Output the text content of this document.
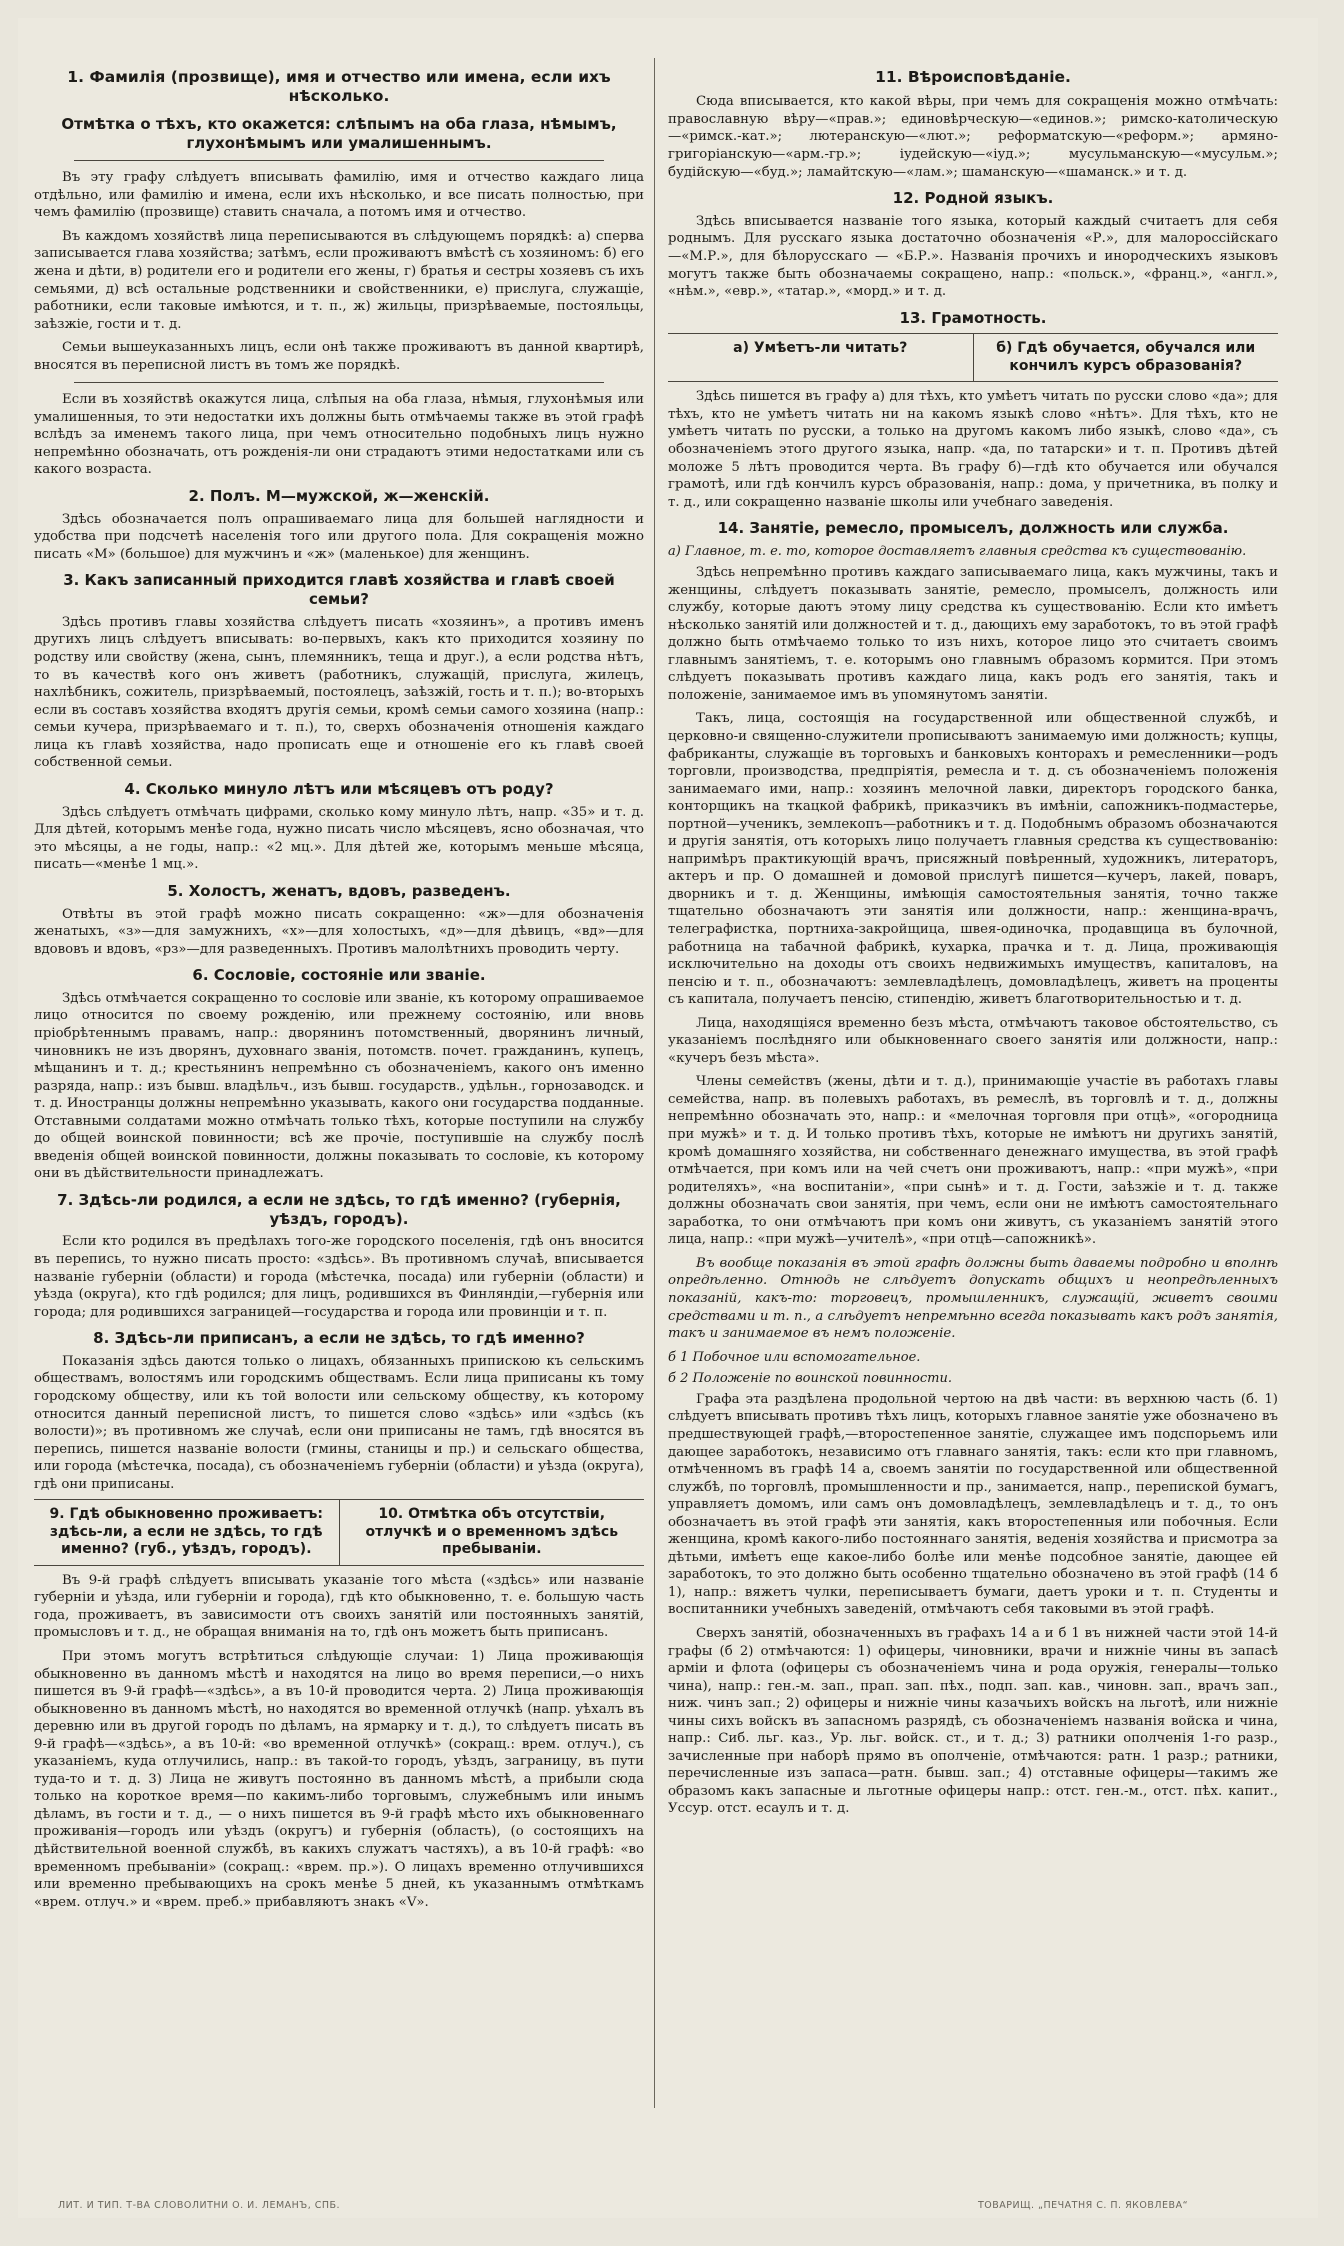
1. Фамилія (прозвище), имя и отчество или имена, если ихъ нѣсколько.
Отмѣтка о тѣхъ, кто окажется: слѣпымъ на оба глаза, нѣмымъ, глухонѣмымъ или умалишеннымъ.

Въ эту графу слѣдуетъ вписывать фамилію, имя и отчество каждаго лица отдѣльно, или фамилію и имена, если ихъ нѣсколько, и все писать полностью, при чемъ фамилію (прозвище) ставить сначала, а потомъ имя и отчество.

Въ каждомъ хозяйствѣ лица переписываются въ слѣдующемъ порядкѣ: а) сперва записывается глава хозяйства; затѣмъ, если проживаютъ вмѣстѣ съ хозяиномъ: б) его жена и дѣти, в) родители его и родители его жены, г) братья и сестры хозяевъ съ ихъ семьями, д) всѣ остальные родственники и свойственники, е) прислуга, служащіе, работники, если таковые имѣются, и т. п., ж) жильцы, призрѣваемые, постояльцы, заѣзжіе, гости и т. д.

Семьи вышеуказанныхъ лицъ, если онѣ также проживаютъ въ данной квартирѣ, вносятся въ переписной листъ въ томъ же порядкѣ.

Если въ хозяйствѣ окажутся лица, слѣпыя на оба глаза, нѣмыя, глухонѣмыя или умалишенныя, то эти недостатки ихъ должны быть отмѣчаемы также въ этой графѣ вслѣдъ за именемъ такого лица, при чемъ относительно подобныхъ лицъ нужно непремѣнно обозначать, отъ рожденія-ли они страдаютъ этими недостатками или съ какого возраста.

2. Полъ. М—мужской, ж—женскій.

Здѣсь обозначается полъ опрашиваемаго лица для большей наглядности и удобства при подсчетѣ населенія того или другого пола. Для сокращенія можно писать «М» (большое) для мужчинъ и «ж» (маленькое) для женщинъ.

3. Какъ записанный приходится главѣ хозяйства и главѣ своей семьи?

Здѣсь противъ главы хозяйства слѣдуетъ писать «хозяинъ», а противъ именъ другихъ лицъ слѣдуетъ вписывать: во-первыхъ, какъ кто приходится хозяину по родству или свойству (жена, сынъ, племянникъ, теща и друг.), а если родства нѣтъ, то въ качествѣ кого онъ живетъ (работникъ, служащій, прислуга, жилецъ, нахлѣбникъ, сожитель, призрѣваемый, постоялецъ, заѣзжій, гость и т. п.); во-вторыхъ если въ составъ хозяйства входятъ другія семьи, кромѣ семьи самого хозяина (напр.: семьи кучера, призрѣваемаго и т. п.), то, сверхъ обозначенія отношенія каждаго лица къ главѣ хозяйства, надо прописать еще и отношеніе его къ главѣ своей собственной семьи.

4. Сколько минуло лѣтъ или мѣсяцевъ отъ роду?

Здѣсь слѣдуетъ отмѣчать цифрами, сколько кому минуло лѣтъ, напр. «35» и т. д. Для дѣтей, которымъ менѣе года, нужно писать число мѣсяцевъ, ясно обозначая, что это мѣсяцы, а не годы, напр.: «2 мц.». Для дѣтей же, которымъ меньше мѣсяца, писать—«менѣе 1 мц.».

5. Холостъ, женатъ, вдовъ, разведенъ.

Отвѣты въ этой графѣ можно писать сокращенно: «ж»—для обозначенія женатыхъ, «з»—для замужнихъ, «х»—для холостыхъ, «д»—для дѣвицъ, «вд»—для вдововъ и вдовъ, «рз»—для разведенныхъ. Противъ малолѣтнихъ проводить черту.

6. Сословіе, состояніе или званіе.

Здѣсь отмѣчается сокращенно то сословіе или званіе, къ которому опрашиваемое лицо относится по своему рожденію, или прежнему состоянію, или вновь пріобрѣтеннымъ правамъ, напр.: дворянинъ потомственный, дворянинъ личный, чиновникъ не изъ дворянъ, духовнаго званія, потомств. почет. гражданинъ, купецъ, мѣщанинъ и т. д.; крестьянинъ непремѣнно съ обозначеніемъ, какого онъ именно разряда, напр.: изъ бывш. владѣльч., изъ бывш. государств., удѣльн., горнозаводск. и т. д. Иностранцы должны непремѣнно указывать, какого они государства подданные. Отставными солдатами можно отмѣчать только тѣхъ, которые поступили на службу до общей воинской повинности; всѣ же прочіе, поступившіе на службу послѣ введенія общей воинской повинности, должны показывать то сословіе, къ которому они въ дѣйствительности принадлежатъ.

7. Здѣсь-ли родился, а если не здѣсь, то гдѣ именно? (губернія, уѣздъ, городъ).

Если кто родился въ предѣлахъ того-же городского поселенія, гдѣ онъ вносится въ перепись, то нужно писать просто: «здѣсь». Въ противномъ случаѣ, вписывается названіе губерніи (области) и города (мѣстечка, посада) или губерніи (области) и уѣзда (округа), кто гдѣ родился; для лицъ, родившихся въ Финляндіи,—губернія или города; для родившихся заграницей—государства и города или провинціи и т. п.

8. Здѣсь-ли приписанъ, а если не здѣсь, то гдѣ именно?

Показанія здѣсь даются только о лицахъ, обязанныхъ припискою къ сельскимъ обществамъ, волостямъ или городскимъ обществамъ. Если лица приписаны къ тому городскому обществу, или къ той волости или сельскому обществу, къ которому относится данный переписной листъ, то пишется слово «здѣсь» или «здѣсь (къ волости)»; въ противномъ же случаѣ, если они приписаны не тамъ, гдѣ вносятся въ перепись, пишется названіе волости (гмины, станицы и пр.) и сельскаго общества, или города (мѣстечка, посада), съ обозначеніемъ губерніи (области) и уѣзда (округа), гдѣ они приписаны.

9. Гдѣ обыкновенно проживаетъ: здѣсь-ли, а если не здѣсь, то гдѣ именно? (губ., уѣздъ, городъ).
10. Отмѣтка объ отсутствіи, отлучкѣ и о временномъ здѣсь пребываніи.

Въ 9-й графѣ слѣдуетъ вписывать указаніе того мѣста («здѣсь» или названіе губерніи и уѣзда, или губерніи и города), гдѣ кто обыкновенно, т. е. большую часть года, проживаетъ, въ зависимости отъ своихъ занятій или постоянныхъ занятій, промысловъ и т. д., не обращая вниманія на то, гдѣ онъ можетъ быть приписанъ.

При этомъ могутъ встрѣтиться слѣдующіе случаи: 1) Лица проживающія обыкновенно въ данномъ мѣстѣ и находятся на лицо во время переписи,—о нихъ пишется въ 9-й графѣ—«здѣсь», а въ 10-й проводится черта. 2) Лица проживающія обыкновенно въ данномъ мѣстѣ, но находятся во временной отлучкѣ (напр. уѣхалъ въ деревню или въ другой городъ по дѣламъ, на ярмарку и т. д.), то слѣдуетъ писать въ 9-й графѣ—«здѣсь», а въ 10-й: «во временной отлучкѣ» (сокращ.: врем. отлуч.), съ указаніемъ, куда отлучились, напр.: въ такой-то городъ, уѣздъ, заграницу, въ пути туда-то и т. д. 3) Лица не живутъ постоянно въ данномъ мѣстѣ, а прибыли сюда только на короткое время—по какимъ-либо торговымъ, служебнымъ или инымъ дѣламъ, въ гости и т. д., — о нихъ пишется въ 9-й графѣ мѣсто ихъ обыкновеннаго проживанія—городъ или уѣздъ (округъ) и губернія (область), (о состоящихъ на дѣйствительной военной службѣ, въ какихъ служатъ частяхъ), а въ 10-й графѣ: «во временномъ пребываніи» (сокращ.: «врем. пр.»). О лицахъ временно отлучившихся или временно пребывающихъ на срокъ менѣе 5 дней, къ указаннымъ отмѣткамъ «врем. отлуч.» и «врем. преб.» прибавляютъ знакъ «V».

11. Вѣроисповѣданіе.

Сюда вписывается, кто какой вѣры, при чемъ для сокращенія можно отмѣчать: православную вѣру—«прав.»; единовѣрческую—«единов.»; римско-католическую—«римск.-кат.»; лютеранскую—«лют.»; реформатскую—«реформ.»; армяно-григоріанскую—«арм.-гр.»; іудейскую—«іуд.»; мусульманскую—«мусульм.»; будійскую—«буд.»; ламайтскую—«лам.»; шаманскую—«шаманск.» и т. д.

12. Родной языкъ.

Здѣсь вписывается названіе того языка, который каждый считаетъ для себя роднымъ. Для русскаго языка достаточно обозначенія «Р.», для малороссійскаго—«М.Р.», для бѣлорусскаго — «Б.Р.». Названія прочихъ и инородческихъ языковъ могутъ также быть обозначаемы сокращено, напр.: «польск.», «франц.», «англ.», «нѣм.», «евр.», «татар.», «морд.» и т. д.

13. Грамотность.
а) Умѣетъ-ли читать?	б) Гдѣ обучается, обучался или кончилъ курсъ образованія?

Здѣсь пишется въ графу а) для тѣхъ, кто умѣетъ читать по русски слово «да»; для тѣхъ, кто не умѣетъ читать ни на какомъ языкѣ слово «нѣтъ». Для тѣхъ, кто не умѣетъ читать по русски, а только на другомъ какомъ либо языкѣ, слово «да», съ обозначеніемъ этого другого языка, напр. «да, по татарски» и т. п. Противъ дѣтей моложе 5 лѣтъ проводится черта. Въ графу б)—гдѣ кто обучается или обучался грамотѣ, или гдѣ кончилъ курсъ образованія, напр.: дома, у причетника, въ полку и т. д., или сокращенно названіе школы или учебнаго заведенія.

14. Занятіе, ремесло, промыселъ, должность или служба.

а) Главное, т. е. то, которое доставляетъ главныя средства къ существованію.

Здѣсь непремѣнно противъ каждаго записываемаго лица, какъ мужчины, такъ и женщины, слѣдуетъ показывать занятіе, ремесло, промыселъ, должность или службу, которые даютъ этому лицу средства къ существованію. Если кто имѣетъ нѣсколько занятій или должностей и т. д., дающихъ ему заработокъ, то въ этой графѣ должно быть отмѣчаемо только то изъ нихъ, которое лицо это считаетъ своимъ главнымъ занятіемъ, т. е. которымъ оно главнымъ образомъ кормится. При этомъ слѣдуетъ показывать противъ каждаго лица, какъ родъ его занятія, такъ и положеніе, занимаемое имъ въ упомянутомъ занятіи.

Такъ, лица, состоящія на государственной или общественной службѣ, и церковно-и священно-служители прописываютъ занимаемую ими должность; купцы, фабриканты, служащіе въ торговыхъ и банковыхъ конторахъ и ремесленники—родъ торговли, производства, предпріятія, ремесла и т. д. съ обозначеніемъ положенія занимаемаго ими, напр.: хозяинъ мелочной лавки, директоръ городского банка, конторщикъ на ткацкой фабрикѣ, приказчикъ въ имѣніи, сапожникъ-подмастерье, портной—ученикъ, землекопъ—работникъ и т. д. Подобнымъ образомъ обозначаются и другія занятія, отъ которыхъ лицо получаетъ главныя средства къ существованію: напримѣръ практикующій врачъ, присяжный повѣренный, художникъ, литераторъ, актеръ и пр. О домашней и домовой прислугѣ пишется—кучеръ, лакей, поваръ, дворникъ и т. д. Женщины, имѣющія самостоятельныя занятія, точно также тщательно обозначаютъ эти занятія или должности, напр.: женщина-врачъ, телеграфистка, портниха-закройщица, швея-одиночка, продавщица въ булочной, работница на табачной фабрикѣ, кухарка, прачка и т. д. Лица, проживающія исключительно на доходы отъ своихъ недвижимыхъ имуществъ, капиталовъ, на пенсію и т. п., обозначаютъ: землевладѣлецъ, домовладѣлецъ, живетъ на проценты съ капитала, получаетъ пенсію, стипендію, живетъ благотворительностью и т. д.

Лица, находящіяся временно безъ мѣста, отмѣчаютъ таковое обстоятельство, съ указаніемъ послѣдняго или обыкновеннаго своего занятія или должности, напр.: «кучеръ безъ мѣста».

Члены семействъ (жены, дѣти и т. д.), принимающіе участіе въ работахъ главы семейства, напр. въ полевыхъ работахъ, въ ремеслѣ, въ торговлѣ и т. д., должны непремѣнно обозначать это, напр.: и «мелочная торговля при отцѣ», «огородница при мужѣ» и т. д. И только противъ тѣхъ, которые не имѣютъ ни другихъ занятій, кромѣ домашняго хозяйства, ни собственнаго денежнаго имущества, въ этой графѣ отмѣчается, при комъ или на чей счетъ они проживаютъ, напр.: «при мужѣ», «при родителяхъ», «на воспитаніи», «при сынѣ» и т. д. Гости, заѣзжіе и т. д. также должны обозначать свои занятія, при чемъ, если они не имѣютъ самостоятельнаго заработка, то они отмѣчаютъ при комъ они живутъ, съ указаніемъ занятій этого лица, напр.: «при мужѣ—учителѣ», «при отцѣ—сапожникѣ».

Въ вообще показанія въ этой графѣ должны быть даваемы подробно и вполнѣ опредѣленно. Отнюдь не слѣдуетъ допускать общихъ и неопредѣленныхъ показаній, какъ-то: торговецъ, промышленникъ, служащій, живетъ своими средствами и т. п., а слѣдуетъ непремѣнно всегда показывать какъ родъ занятія, такъ и занимаемое въ немъ положеніе.

б 1 Побочное или вспомогательное.

б 2 Положеніе по воинской повинности.

Графа эта раздѣлена продольной чертою на двѣ части: въ верхнюю часть (б. 1) слѣдуетъ вписывать противъ тѣхъ лицъ, которыхъ главное занятіе уже обозначено въ предшествующей графѣ,—второстепенное занятіе, служащее имъ подспорьемъ или дающее заработокъ, независимо отъ главнаго занятія, такъ: если кто при главномъ, отмѣченномъ въ графѣ 14 а, своемъ занятіи по государственной или общественной службѣ, по торговлѣ, промышленности и пр., занимается, напр., перепиской бумагъ, управляетъ домомъ, или самъ онъ домовладѣлецъ, землевладѣлецъ и т. д., то онъ обозначаетъ въ этой графѣ эти занятія, какъ второстепенныя или побочныя. Если женщина, кромѣ какого-либо постояннаго занятія, веденія хозяйства и присмотра за дѣтьми, имѣетъ еще какое-либо болѣе или менѣе подсобное занятіе, дающее ей заработокъ, то это должно быть особенно тщательно обозначено въ этой графѣ (14 б 1), напр.: вяжетъ чулки, переписываетъ бумаги, даетъ уроки и т. п. Студенты и воспитанники учебныхъ заведеній, отмѣчаютъ себя таковыми въ этой графѣ.

Сверхъ занятій, обозначенныхъ въ графахъ 14 а и б 1 въ нижней части этой 14-й графы (б 2) отмѣчаются: 1) офицеры, чиновники, врачи и нижніе чины въ запасѣ арміи и флота (офицеры съ обозначеніемъ чина и рода оружія, генералы—только чина), напр.: ген.-м. зап., прап. зап. пѣх., подп. зап. кав., чиновн. зап., врачъ зап., ниж. чинъ зап.; 2) офицеры и нижніе чины казачьихъ войскъ на льготѣ, или нижніе чины сихъ войскъ въ запасномъ разрядѣ, съ обозначеніемъ названія войска и чина, напр.: Сиб. льг. каз., Ур. льг. войск. ст., и т. д.; 3) ратники ополченія 1-го разр., зачисленные при наборѣ прямо въ ополченіе, отмѣчаются: ратн. 1 разр.; ратники, перечисленные изъ запаса—ратн. бывш. зап.; 4) отставные офицеры—такимъ же образомъ какъ запасные и льготные офицеры напр.: отст. ген.-м., отст. пѣх. капит., Уссур. отст. есаулъ и т. д.

ЛИТ. И ТИП. Т-ВА СЛОВОЛИТНИ О. И. ЛЕМАНЪ, СПБ.	ТОВАРИЩ. „ПЕЧАТНЯ С. П. ЯКОВЛЕВА“
